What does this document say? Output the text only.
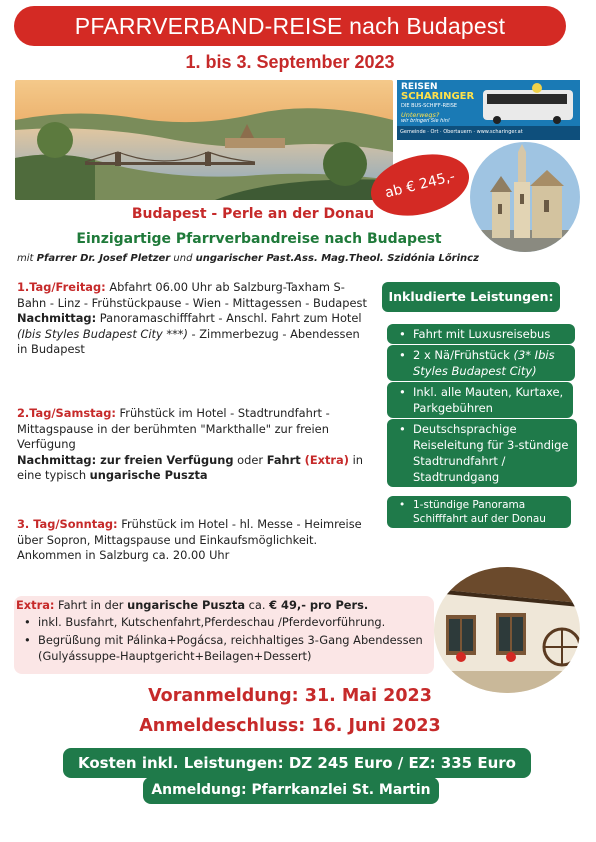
PFARRVERBAND-REISE nach Budapest
1. bis 3. September 2023
REISEN
SCHARINGER
DIE BUS-SCHIFF-REISE
Unterwegs?
wir bringen Sie hin!
Gemeinde · Ort · Obertauern · www.scharinger.at
ab € 245,-
Budapest - Perle an der Donau
Einzigartige Pfarrverbandreise nach Budapest
mit Pfarrer Dr. Josef Pletzer und ungarischer Past.Ass. Mag.Theol. Szidónia Lőrincz
1.Tag/Freitag: Abfahrt 06.00 Uhr ab Salzburg-Taxham S-Bahn - Linz - Frühstückpause - Wien - Mittagessen - Budapest
Nachmittag: Panoramaschifffahrt - Anschl. Fahrt zum Hotel (Ibis Styles Budapest City ***) - Zimmerbezug - Abendessen in Budapest
2.Tag/Samstag: Frühstück im Hotel - Stadtrundfahrt - Mittagspause in der berühmten "Markthalle" zur freien Verfügung
Nachmittag: zur freien Verfügung oder Fahrt (Extra) in eine typisch ungarische Puszta
3. Tag/Sonntag: Frühstück im Hotel - hl. Messe - Heimreise über Sopron, Mittagspause und Einkaufsmöglichkeit.
Ankommen in Salzburg ca. 20.00 Uhr
Inkludierte Leistungen:
• Fahrt mit Luxusreisebus
• 2 x Nä/Frühstück (3* Ibis Styles Budapest City)
• Inkl. alle Mauten, Kurtaxe, Parkgebühren
• Deutschsprachige Reiseleitung für 3-stündige Stadtrundfahrt / Stadtrundgang
• 1-stündige Panorama Schifffahrt auf der Donau
Extra: Fahrt in der ungarische Puszta ca. € 49,- pro Pers.
• inkl. Busfahrt, Kutschenfahrt,Pferdeschau /Pferdevorführung.
• Begrüßung mit Pálinka+Pogácsa, reichhaltiges 3-Gang Abendessen (Gulyássuppe-Hauptgericht+Beilagen+Dessert)
Voranmeldung: 31. Mai 2023
Anmeldeschluss: 16. Juni 2023
Kosten inkl. Leistungen: DZ 245 Euro / EZ: 335 Euro
Anmeldung: Pfarrkanzlei St. Martin
